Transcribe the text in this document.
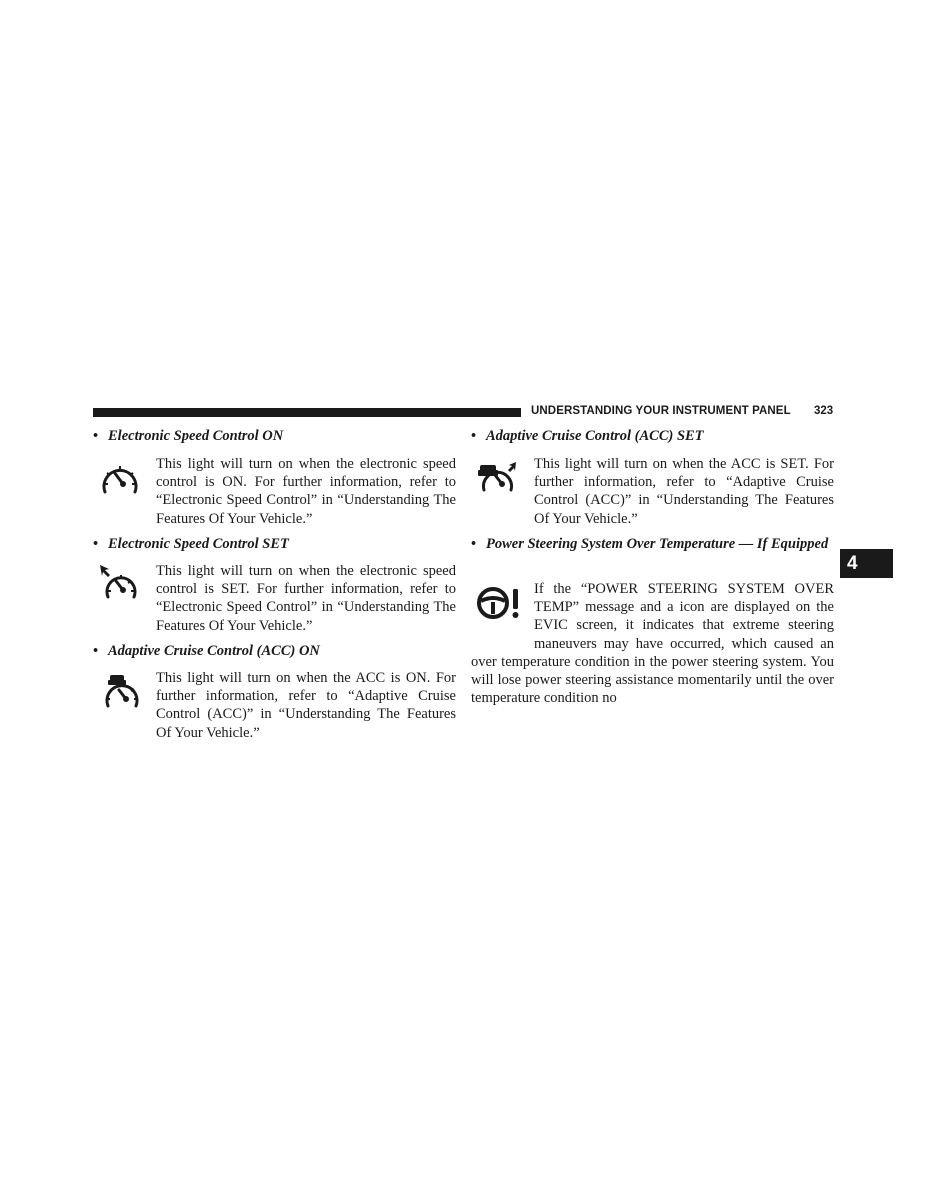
UNDERSTANDING YOUR INSTRUMENT PANEL 323
4
• Electronic Speed Control ON
This light will turn on when the electronic speed control is ON. For further information, refer to “Electronic Speed Control” in “Understanding The Features Of Your Vehicle.”
• Electronic Speed Control SET
This light will turn on when the electronic speed control is SET. For further information, refer to “Electronic Speed Control” in “Understanding The Features Of Your Vehicle.”
• Adaptive Cruise Control (ACC) ON
This light will turn on when the ACC is ON. For further information, refer to “Adaptive Cruise Control (ACC)” in “Understanding The Features Of Your Vehicle.”
• Adaptive Cruise Control (ACC) SET
This light will turn on when the ACC is SET. For further information, refer to “Adaptive Cruise Control (ACC)” in “Understanding The Features Of Your Vehicle.”
• Power Steering System Over Temperature — If Equipped
If the “POWER STEERING SYSTEM OVER TEMP” message and a icon are displayed on the EVIC screen, it indicates that extreme steering maneuvers may have occurred, which caused an over temperature condition in the power steering system. You will lose power steering assistance momentarily until the over temperature condition no
